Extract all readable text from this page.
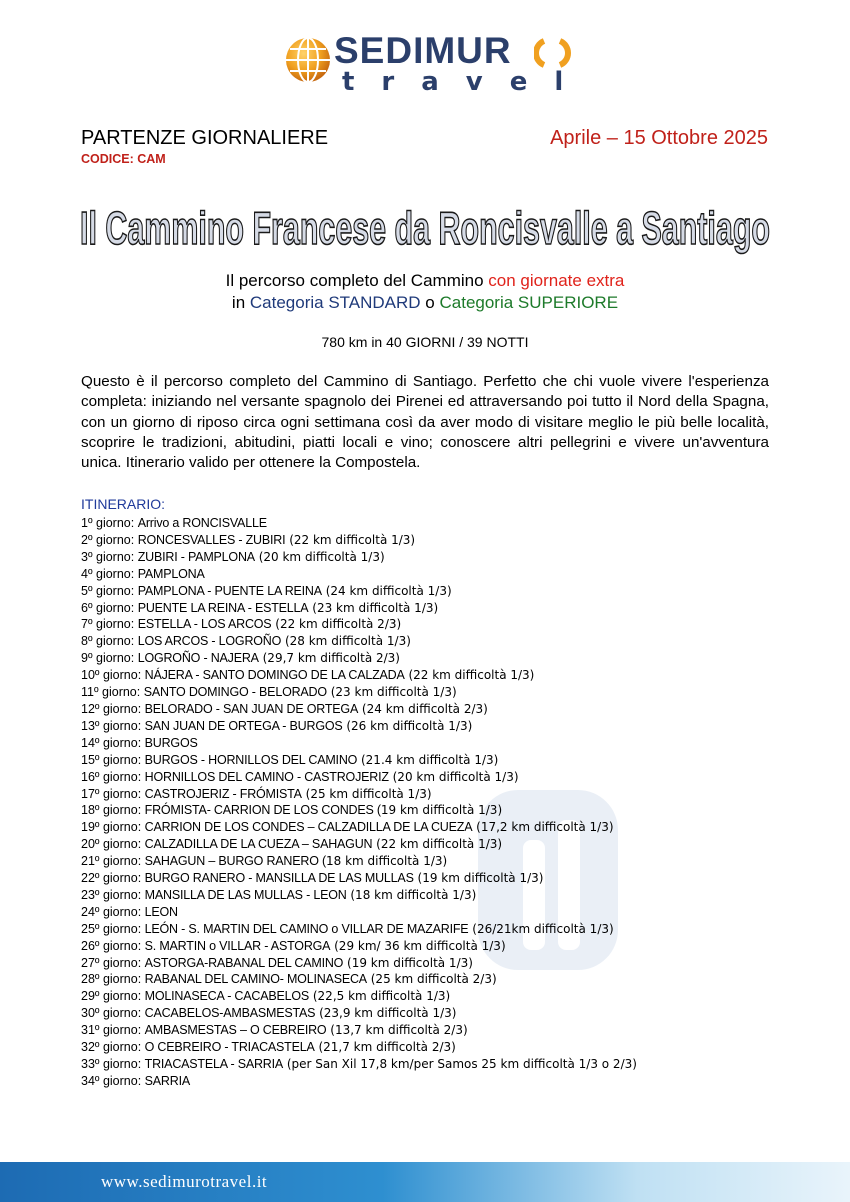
SEDIMUR
travel
PARTENZE GIORNALIERE
CODICE: CAM
Aprile – 15 Ottobre 2025
Il Cammino Francese da Roncisvalle a Santiago
Il percorso completo del Cammino con giornate extra
in Categoria STANDARD o Categoria SUPERIORE
780 km in 40 GIORNI / 39 NOTTI

Questo è il percorso completo del Cammino di Santiago. Perfetto che chi vuole vivere l'esperienza completa: iniziando nel versante spagnolo dei Pirenei ed attraversando poi tutto il Nord della Spagna, con un giorno di riposo circa ogni settimana così da aver modo di visitare meglio le più belle località, scoprire le tradizioni, abitudini, piatti locali e vino; conoscere altri pellegrini e vivere un'avventura unica. Itinerario valido per ottenere la Compostela.

ITINERARIO:
1º giorno: Arrivo a RONCISVALLE
2º giorno: RONCESVALLES - ZUBIRI (22 km difficoltà 1/3)
3º giorno: ZUBIRI - PAMPLONA (20 km difficoltà 1/3)
4º giorno: PAMPLONA
5º giorno: PAMPLONA - PUENTE LA REINA (24 km difficoltà 1/3)
6º giorno: PUENTE LA REINA - ESTELLA (23 km difficoltà 1/3)
7º giorno: ESTELLA - LOS ARCOS (22 km difficoltà 2/3)
8º giorno: LOS ARCOS - LOGROÑO (28 km difficoltà 1/3)
9º giorno: LOGROÑO - NAJERA (29,7 km difficoltà 2/3)
10º giorno: NÁJERA - SANTO DOMINGO DE LA CALZADA (22 km difficoltà 1/3)
11º giorno: SANTO DOMINGO - BELORADO (23 km difficoltà 1/3)
12º giorno: BELORADO - SAN JUAN DE ORTEGA (24 km difficoltà 2/3)
13º giorno: SAN JUAN DE ORTEGA - BURGOS (26 km difficoltà 1/3)
14º giorno: BURGOS
15º giorno: BURGOS - HORNILLOS DEL CAMINO (21.4 km difficoltà 1/3)
16º giorno: HORNILLOS DEL CAMINO - CASTROJERIZ (20 km difficoltà 1/3)
17º giorno: CASTROJERIZ - FRÓMISTA (25 km difficoltà 1/3)
18º giorno: FRÓMISTA- CARRION DE LOS CONDES (19 km difficoltà 1/3)
19º giorno: CARRION DE LOS CONDES – CALZADILLA DE LA CUEZA (17,2 km difficoltà 1/3)
20º giorno: CALZADILLA DE LA CUEZA – SAHAGUN (22 km difficoltà 1/3)
21º giorno: SAHAGUN – BURGO RANERO (18 km difficoltà 1/3)
22º giorno: BURGO RANERO - MANSILLA DE LAS MULLAS (19 km difficoltà 1/3)
23º giorno: MANSILLA DE LAS MULLAS - LEON (18 km difficoltà 1/3)
24º giorno: LEON
25º giorno: LEÓN - S. MARTIN DEL CAMINO o VILLAR DE MAZARIFE (26/21km difficoltà 1/3)
26º giorno: S. MARTIN o VILLAR - ASTORGA (29 km/ 36 km difficoltà 1/3)
27º giorno: ASTORGA-RABANAL DEL CAMINO (19 km difficoltà 1/3)
28º giorno: RABANAL DEL CAMINO- MOLINASECA (25 km difficoltà 2/3)
29º giorno: MOLINASECA - CACABELOS (22,5 km difficoltà 1/3)
30º giorno: CACABELOS-AMBASMESTAS (23,9 km difficoltà 1/3)
31º giorno: AMBASMESTAS – O CEBREIRO (13,7 km difficoltà 2/3)
32º giorno: O CEBREIRO - TRIACASTELA (21,7 km difficoltà 2/3)
33º giorno: TRIACASTELA - SARRIA (per San Xil 17,8 km/per Samos 25 km difficoltà 1/3 o 2/3)
34º giorno: SARRIA
www.sedimurotravel.it
